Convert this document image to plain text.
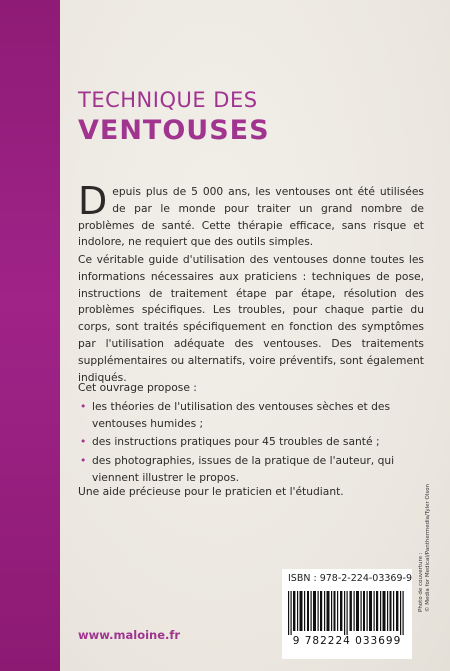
TECHNIQUE DES
VENTOUSES
Depuis plus de 5 000 ans, les ventouses ont été utilisées de par le monde pour traiter un grand nombre de problèmes de santé. Cette thérapie efficace, sans risque et indolore, ne requiert que des outils simples.
Ce véritable guide d'utilisation des ventouses donne toutes les informations nécessaires aux praticiens : techniques de pose, instructions de traitement étape par étape, résolution des problèmes spécifiques. Les troubles, pour chaque partie du corps, sont traités spécifiquement en fonction des symptômes par l'utilisation adéquate des ventouses. Des traitements supplémentaires ou alternatifs, voire préventifs, sont également indiqués.
Cet ouvrage propose :
• les théories de l'utilisation des ventouses sèches et des ventouses humides ;
• des instructions pratiques pour 45 troubles de santé ;
• des photographies, issues de la pratique de l'auteur, qui viennent illustrer le propos.
Une aide précieuse pour le praticien et l'étudiant.
Photo de couverture : © Media for Medical/Panthermedia/Tyler Olson
ISBN : 978-2-224-03369-9
9 782224 033699
www.maloine.fr
